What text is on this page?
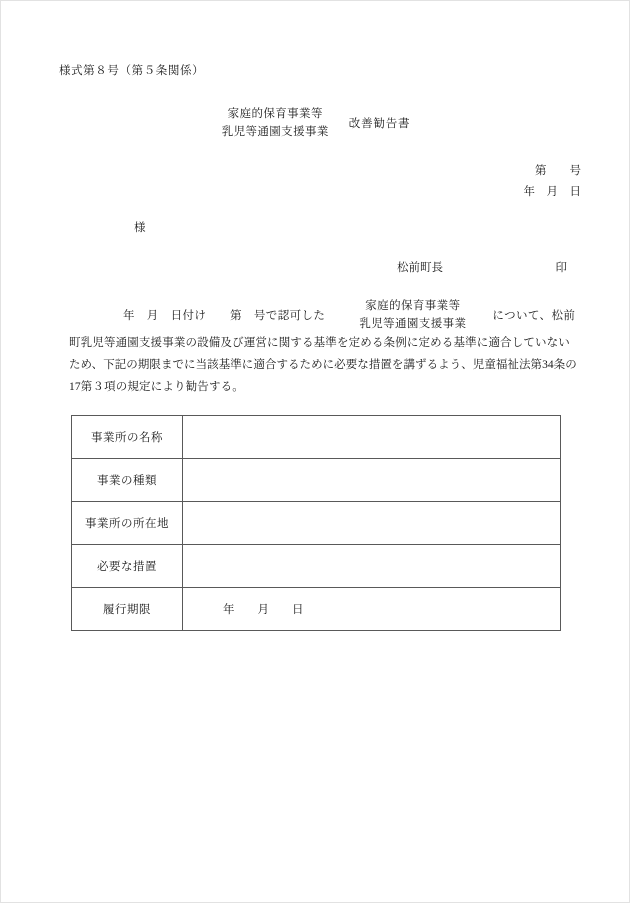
様式第８号（第５条関係）
家庭的保育事業等
乳児等通園支援事業
改善勧告書
第　　号
年　月　日
様
松前町長	印
年　月　日付け　　第　号で認可した
家庭的保育事業等
乳児等通園支援事業
について、松前
町乳児等通園支援事業の設備及び運営に関する基準を定める条例に定める基準に適合していない
ため、下記の期限までに当該基準に適合するために必要な措置を講ずるよう、児童福祉法第34条の
17第３項の規定により勧告する。
事業所の名称	
事業の種類	
事業所の所在地	
必要な措置	
履行期限	年　　月　　日
